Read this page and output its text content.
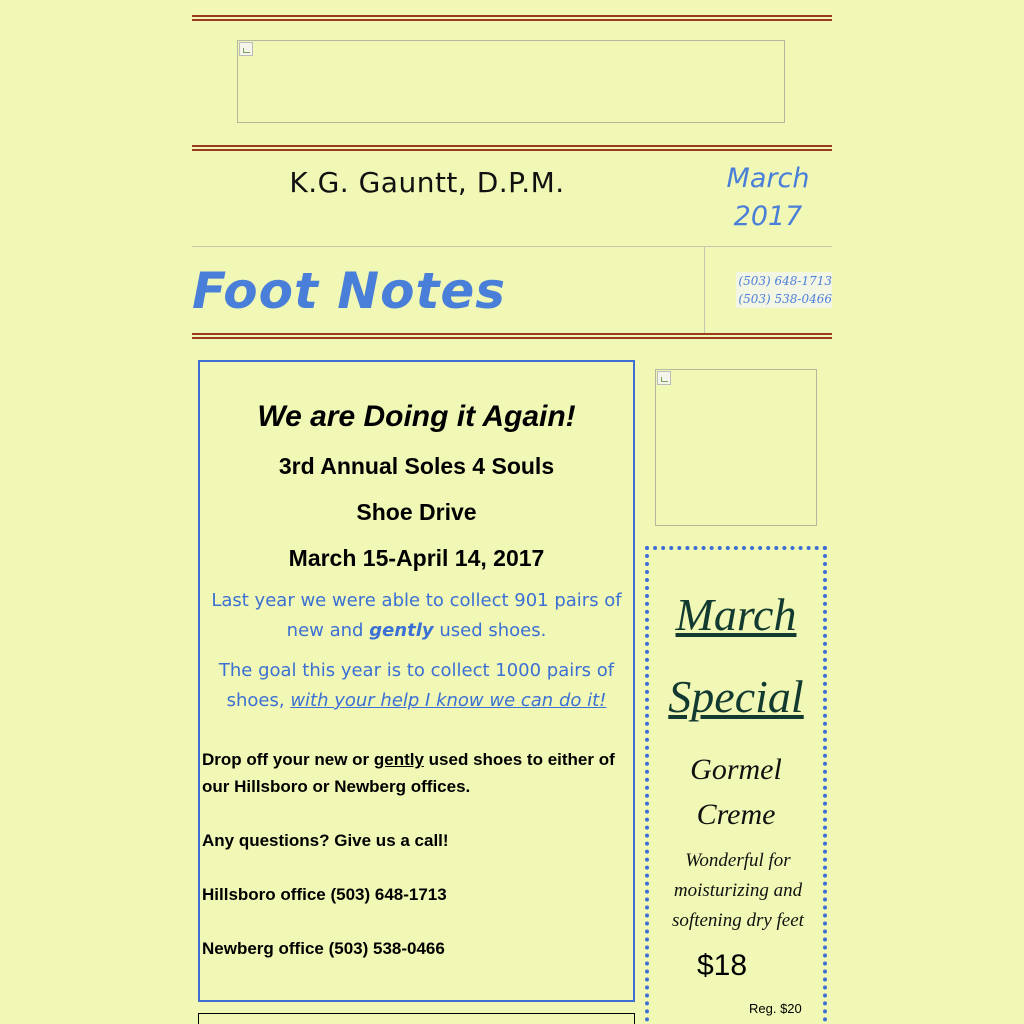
K.G. Gauntt, D.P.M.	March
2017
Foot Notes	(503) 648-1713
(503) 538-0466
We are Doing it Again!
3rd Annual Soles 4 Souls
Shoe Drive
March 15-April 14, 2017
Last year we were able to collect 901 pairs of new and gently used shoes.
The goal this year is to collect 1000 pairs of shoes, with your help I know we can do it!
Drop off your new or gently used shoes to either of our Hillsboro or Newberg offices.
Any questions? Give us a call!
Hillsboro office (503) 648-1713
Newberg office (503) 538-0466
March
Special
Gormel
Creme
Wonderful for moisturizing and softening dry feet
$18
Reg. $20
